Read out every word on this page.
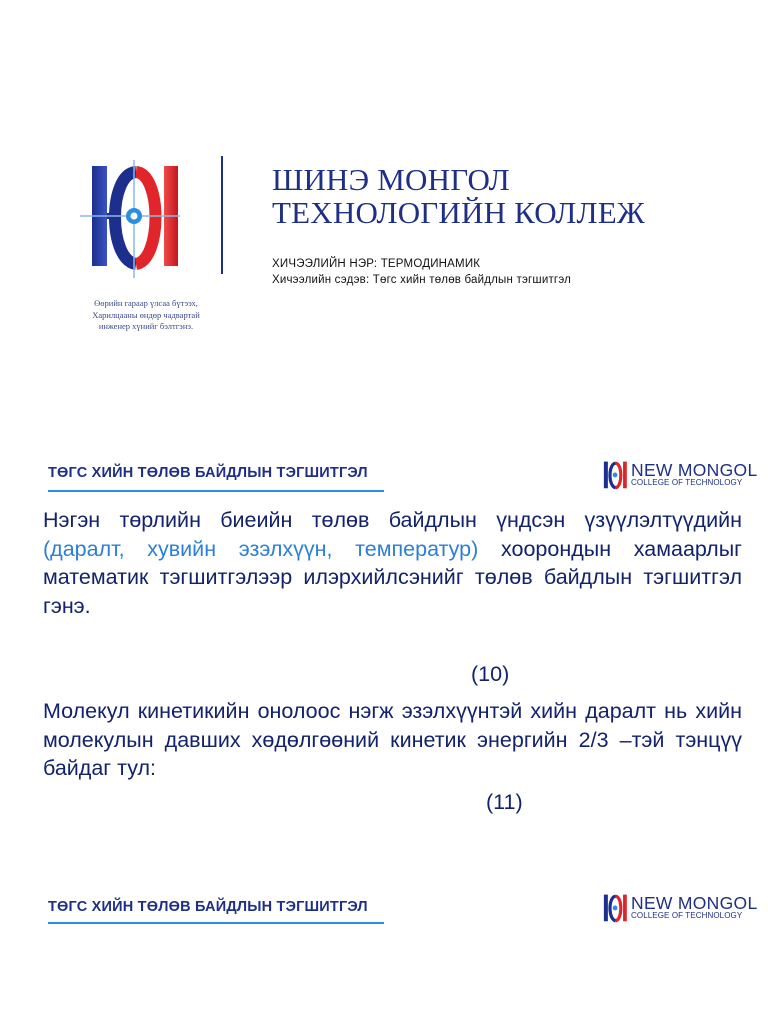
ШИНЭ МОНГОЛ
ТЕХНОЛОГИЙН КОЛЛЕЖ
ХИЧЭЭЛИЙН НЭР: ТЕРМОДИНАМИК
Хичээлийн сэдэв: Төгс хийн төлөв байдлын тэгшитгэл
Өөрийн гараар үлсаа бүтээх,
Харилцааны өндөр чадвартай
инженер хүнийг бэлтгэнэ.
ТӨГС ХИЙН ТӨЛӨВ БАЙДЛЫН ТЭГШИТГЭЛ	NEW MONGOL
COLLEGE OF TECHNOLOGY
Нэгэн төрлийн биеийн төлөв байдлын үндсэн үзүүлэлтүүдийн (даралт, хувийн эзэлхүүн, температур) хоорондын хамаарлыг математик тэгшитгэлээр илэрхийлсэнийг төлөв байдлын тэгшитгэл гэнэ.
(10)
Молекул кинетикийн онолоос нэгж эзэлхүүнтэй хийн даралт нь хийн молекулын давших хөдөлгөөний кинетик энергийн 2/3 –тэй тэнцүү байдаг тул:
(11)
ТӨГС ХИЙН ТӨЛӨВ БАЙДЛЫН ТЭГШИТГЭЛ	NEW MONGOL
COLLEGE OF TECHNOLOGY
